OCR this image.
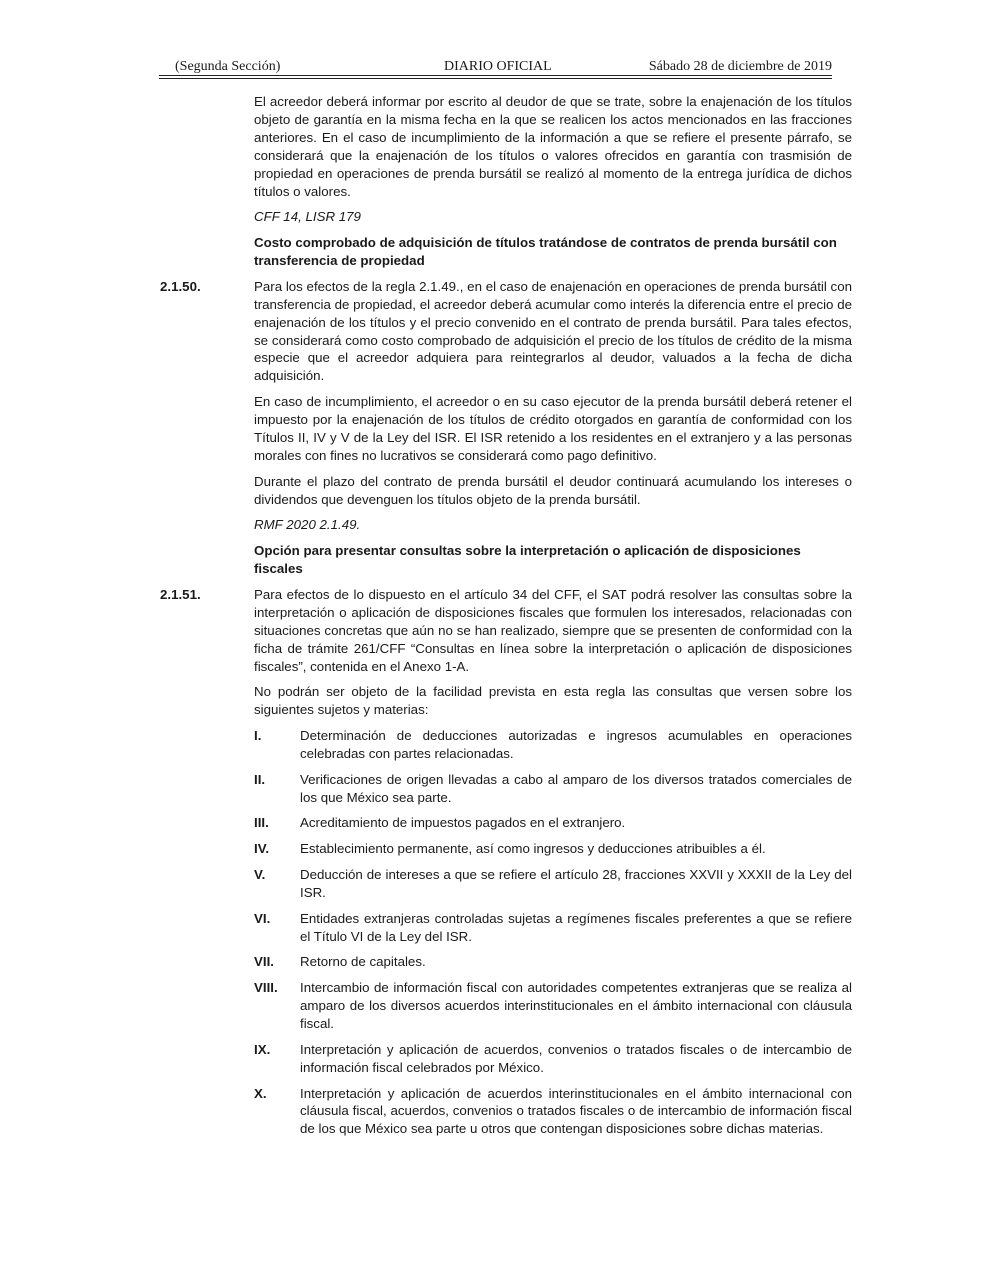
(Segunda Sección)	DIARIO OFICIAL	Sábado 28 de diciembre de 2019

El acreedor deberá informar por escrito al deudor de que se trate, sobre la enajenación de los títulos objeto de garantía en la misma fecha en la que se realicen los actos mencionados en las fracciones anteriores. En el caso de incumplimiento de la información a que se refiere el presente párrafo, se considerará que la enajenación de los títulos o valores ofrecidos en garantía con trasmisión de propiedad en operaciones de prenda bursátil se realizó al momento de la entrega jurídica de dichos títulos o valores.

CFF 14, LISR 179

Costo comprobado de adquisición de títulos tratándose de contratos de prenda bursátil con transferencia de propiedad

2.1.50.	Para los efectos de la regla 2.1.49., en el caso de enajenación en operaciones de prenda bursátil con transferencia de propiedad, el acreedor deberá acumular como interés la diferencia entre el precio de enajenación de los títulos y el precio convenido en el contrato de prenda bursátil. Para tales efectos, se considerará como costo comprobado de adquisición el precio de los títulos de crédito de la misma especie que el acreedor adquiera para reintegrarlos al deudor, valuados a la fecha de dicha adquisición.

En caso de incumplimiento, el acreedor o en su caso ejecutor de la prenda bursátil deberá retener el impuesto por la enajenación de los títulos de crédito otorgados en garantía de conformidad con los Títulos II, IV y V de la Ley del ISR. El ISR retenido a los residentes en el extranjero y a las personas morales con fines no lucrativos se considerará como pago definitivo.

Durante el plazo del contrato de prenda bursátil el deudor continuará acumulando los intereses o dividendos que devenguen los títulos objeto de la prenda bursátil.

RMF 2020 2.1.49.

Opción para presentar consultas sobre la interpretación o aplicación de disposiciones fiscales

2.1.51.	Para efectos de lo dispuesto en el artículo 34 del CFF, el SAT podrá resolver las consultas sobre la interpretación o aplicación de disposiciones fiscales que formulen los interesados, relacionadas con situaciones concretas que aún no se han realizado, siempre que se presenten de conformidad con la ficha de trámite 261/CFF “Consultas en línea sobre la interpretación o aplicación de disposiciones fiscales”, contenida en el Anexo 1-A.

No podrán ser objeto de la facilidad prevista en esta regla las consultas que versen sobre los siguientes sujetos y materias:

I.	Determinación de deducciones autorizadas e ingresos acumulables en operaciones celebradas con partes relacionadas.
II.	Verificaciones de origen llevadas a cabo al amparo de los diversos tratados comerciales de los que México sea parte.
III.	Acreditamiento de impuestos pagados en el extranjero.
IV.	Establecimiento permanente, así como ingresos y deducciones atribuibles a él.
V.	Deducción de intereses a que se refiere el artículo 28, fracciones XXVII y XXXII de la Ley del ISR.
VI.	Entidades extranjeras controladas sujetas a regímenes fiscales preferentes a que se refiere el Título VI de la Ley del ISR.
VII.	Retorno de capitales.
VIII.	Intercambio de información fiscal con autoridades competentes extranjeras que se realiza al amparo de los diversos acuerdos interinstitucionales en el ámbito internacional con cláusula fiscal.
IX.	Interpretación y aplicación de acuerdos, convenios o tratados fiscales o de intercambio de información fiscal celebrados por México.
X.	Interpretación y aplicación de acuerdos interinstitucionales en el ámbito internacional con cláusula fiscal, acuerdos, convenios o tratados fiscales o de intercambio de información fiscal de los que México sea parte u otros que contengan disposiciones sobre dichas materias.
